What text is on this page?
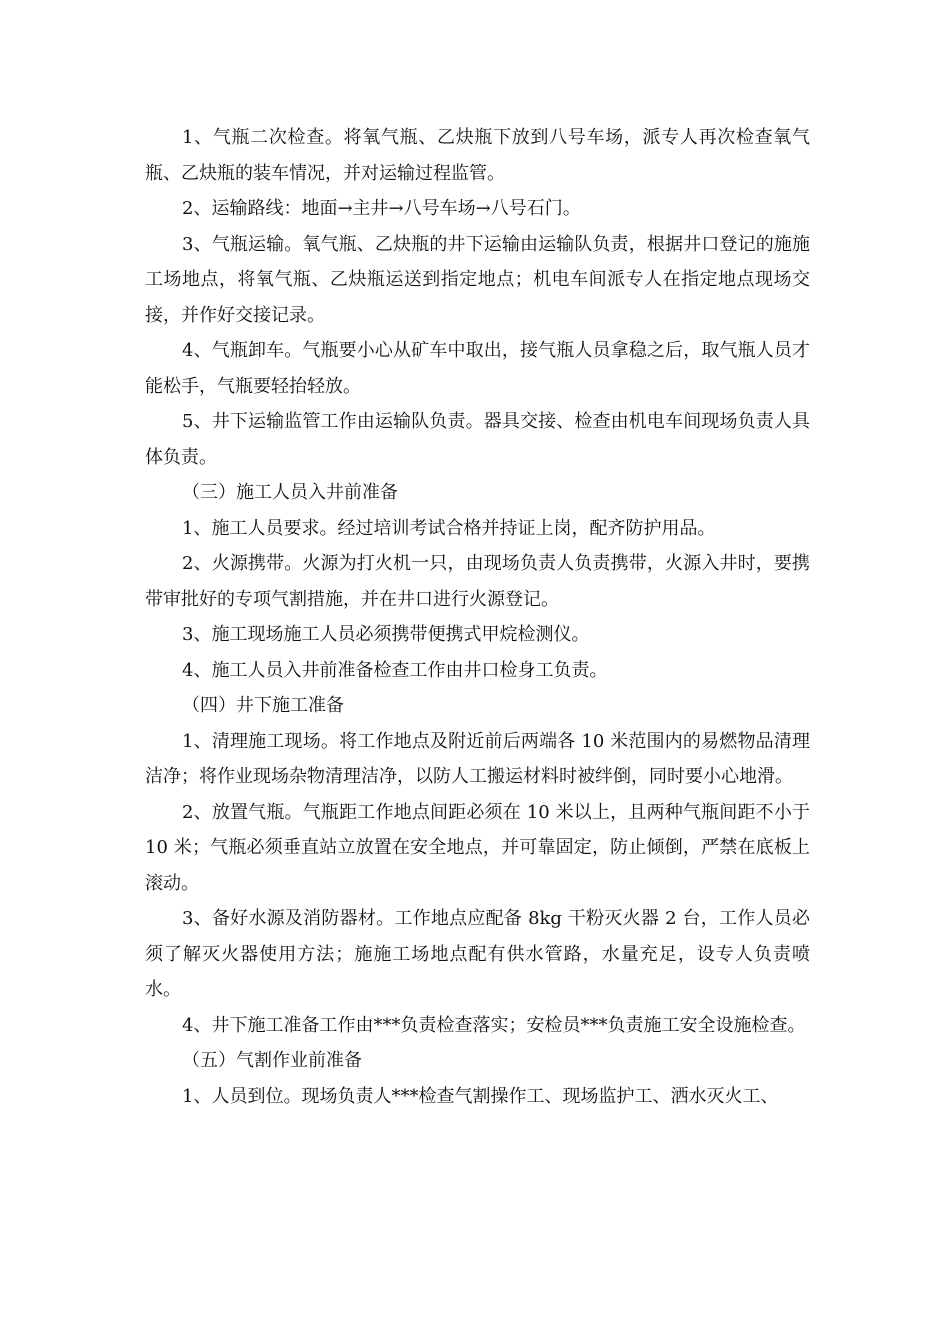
1、气瓶二次检查。将氧气瓶、乙炔瓶下放到八号车场，派专人再次检查氧气瓶、乙炔瓶的装车情况，并对运输过程监管。

2、运输路线：地面→主井→八号车场→八号石门。

3、气瓶运输。氧气瓶、乙炔瓶的井下运输由运输队负责，根据井口登记的施施工场地点，将氧气瓶、乙炔瓶运送到指定地点；机电车间派专人在指定地点现场交接，并作好交接记录。

4、气瓶卸车。气瓶要小心从矿车中取出，接气瓶人员拿稳之后，取气瓶人员才能松手，气瓶要轻抬轻放。

5、井下运输监管工作由运输队负责。器具交接、检查由机电车间现场负责人具体负责。

（三）施工人员入井前准备

1、施工人员要求。经过培训考试合格并持证上岗，配齐防护用品。

2、火源携带。火源为打火机一只，由现场负责人负责携带，火源入井时，要携带审批好的专项气割措施，并在井口进行火源登记。

3、施工现场施工人员必须携带便携式甲烷检测仪。

4、施工人员入井前准备检查工作由井口检身工负责。

（四）井下施工准备

1、清理施工现场。将工作地点及附近前后两端各 10 米范围内的易燃物品清理洁净；将作业现场杂物清理洁净，以防人工搬运材料时被绊倒，同时要小心地滑。

2、放置气瓶。气瓶距工作地点间距必须在 10 米以上，且两种气瓶间距不小于 10 米；气瓶必须垂直站立放置在安全地点，并可靠固定，防止倾倒，严禁在底板上滚动。

3、备好水源及消防器材。工作地点应配备 8kg 干粉灭火器 2 台，工作人员必须了解灭火器使用方法；施施工场地点配有供水管路，水量充足，设专人负责喷水。

4、井下施工准备工作由***负责检查落实；安检员***负责施工安全设施检查。

（五）气割作业前准备

1、人员到位。现场负责人***检查气割操作工、现场监护工、洒水灭火工、
